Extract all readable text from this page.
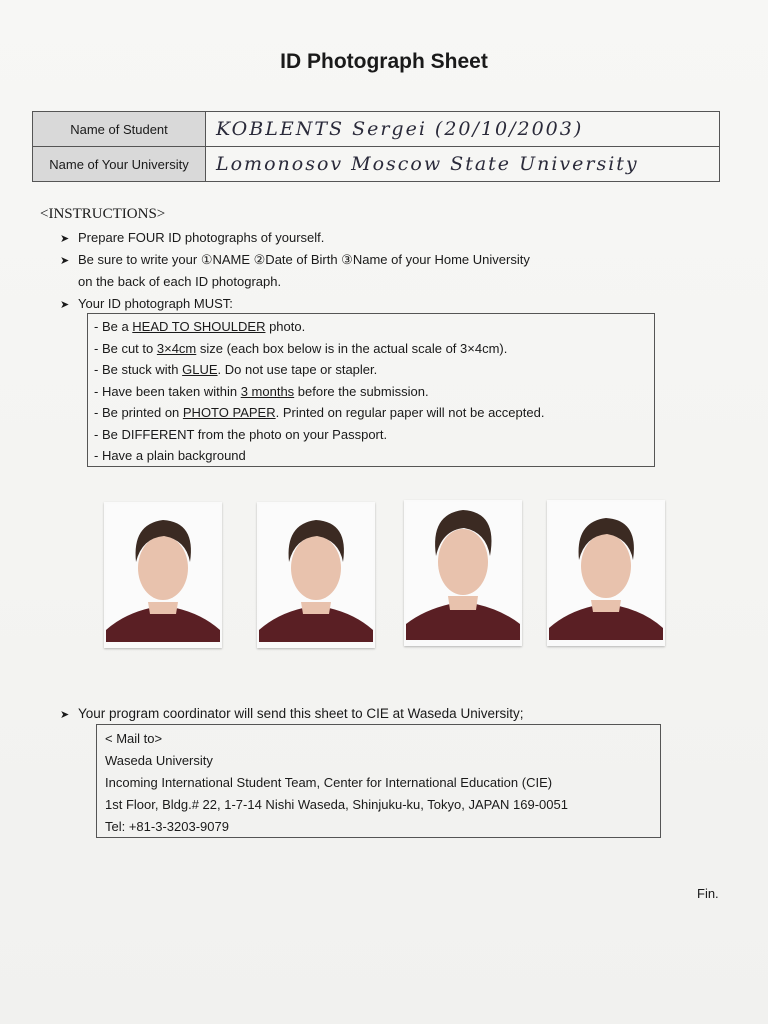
ID Photograph Sheet
Name of Student	KOBLENTS Sergei (20/10/2003)
Name of Your University	Lomonosov Moscow State University
<INSTRUCTIONS>
➤ Prepare FOUR ID photographs of yourself.
➤ Be sure to write your ①NAME ②Date of Birth ③Name of your Home University
on the back of each ID photograph.
➤ Your ID photograph MUST:
- Be a HEAD TO SHOULDER photo.
- Be cut to 3×4cm size (each box below is in the actual scale of 3×4cm).
- Be stuck with GLUE. Do not use tape or stapler.
- Have been taken within 3 months before the submission.
- Be printed on PHOTO PAPER. Printed on regular paper will not be accepted.
- Be DIFFERENT from the photo on your Passport.
- Have a plain background
➤ Your program coordinator will send this sheet to CIE at Waseda University;
< Mail to>
Waseda University
Incoming International Student Team, Center for International Education (CIE)
1st Floor, Bldg.# 22, 1-7-14 Nishi Waseda, Shinjuku-ku, Tokyo, JAPAN 169-0051
Tel: +81-3-3203-9079
Fin.
